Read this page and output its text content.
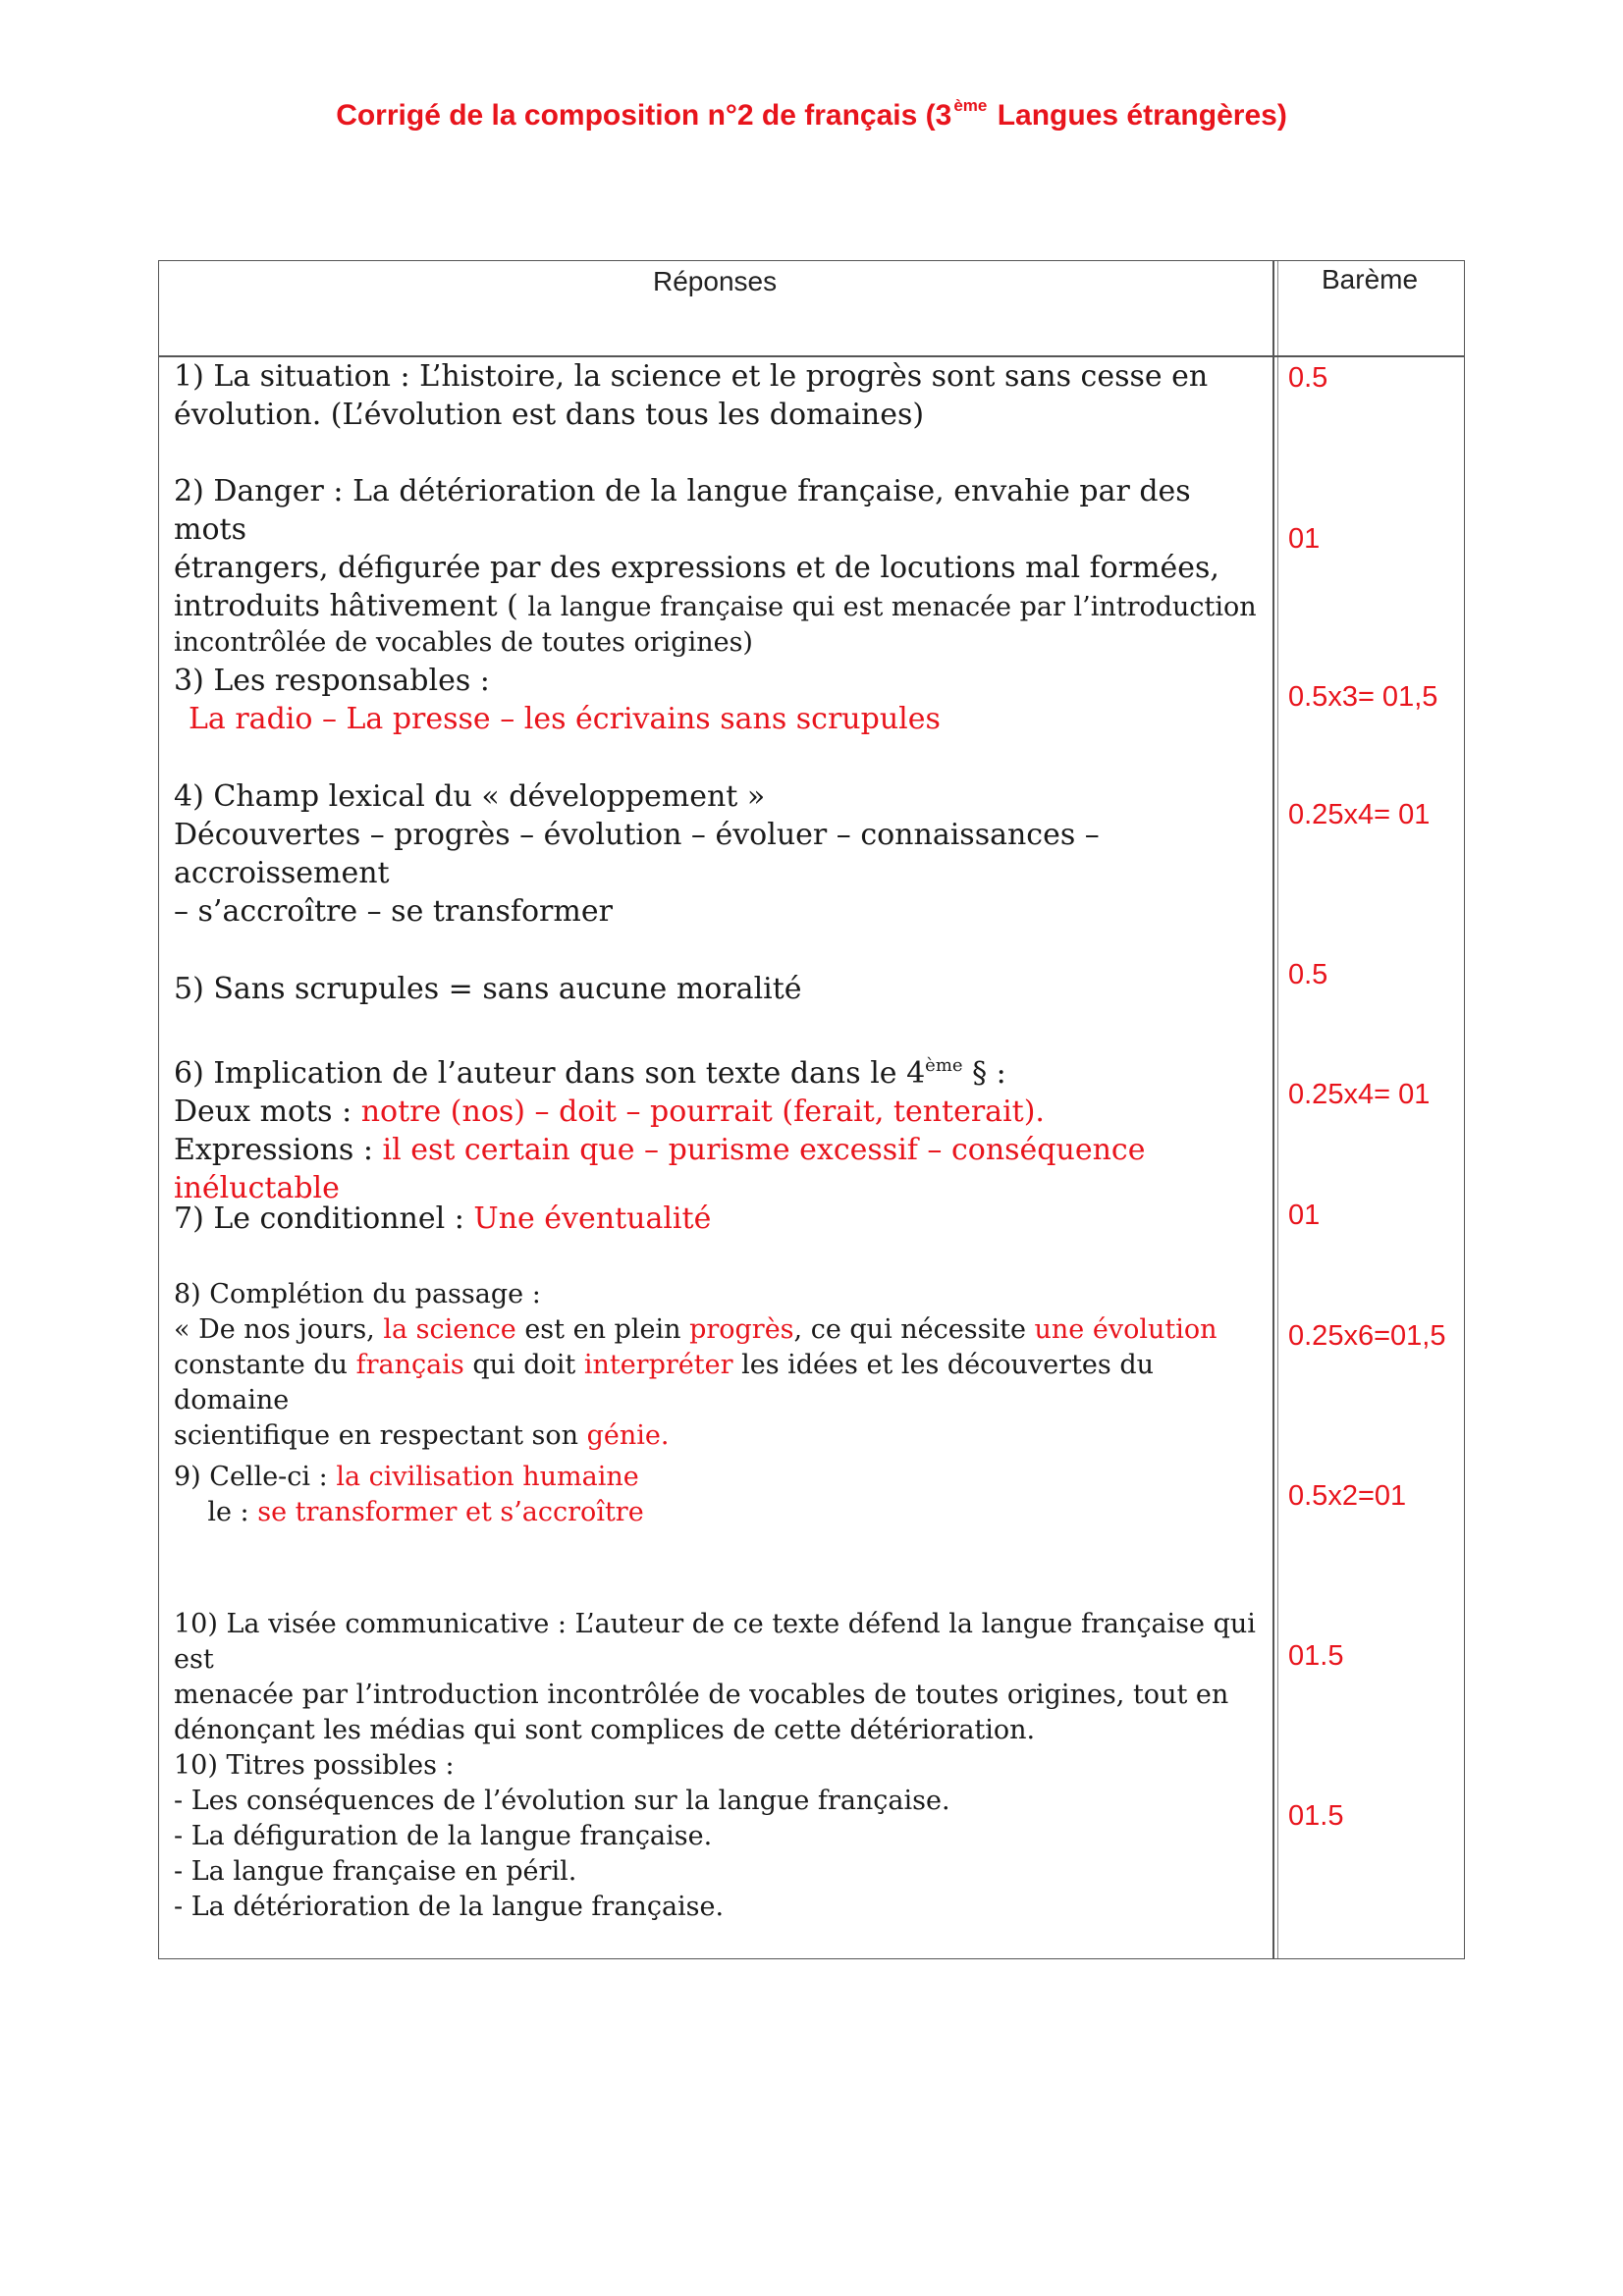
Corrigé de la composition n°2 de français (3 $^{ème}$ Langues étrangères)
Réponses	Barème
1) La situation : L’histoire, la science et le progrès sont sans cesse en
évolution. (L’évolution est dans tous les domaines)
0.5
2) Danger : La détérioration de la langue française, envahie par des mots
étrangers, défigurée par des expressions et de locutions mal formées,
introduits hâtivement ( la langue française qui est menacée par l’introduction
incontrôlée de vocables de toutes origines)
01
3) Les responsables :
La radio – La presse – les écrivains sans scrupules
0.5x3= 01,5
4) Champ lexical du « développement »
Découvertes – progrès – évolution – évoluer – connaissances – accroissement
– s’accroître – se transformer
0.25x4= 01
5) Sans scrupules = sans aucune moralité	0.5
6) Implication de l’auteur dans son texte dans le 4ème § :
Deux mots : notre (nos) – doit – pourrait (ferait, tenterait).
Expressions : il est certain que – purisme excessif – conséquence inéluctable
0.25x4= 01
7) Le conditionnel : Une éventualité	01
8) Complétion du passage :
« De nos jours, la science est en plein progrès, ce qui nécessite une évolution
constante du français qui doit interpréter les idées et les découvertes du domaine
scientifique en respectant son génie.
0.25x6=01,5
9) Celle-ci : la civilisation humaine
le : se transformer et s’accroître
0.5x2=01
10) La visée communicative : L’auteur de ce texte défend la langue française qui est
menacée par l’introduction incontrôlée de vocables de toutes origines, tout en
dénonçant les médias qui sont complices de cette détérioration.
01.5
10) Titres possibles :
- Les conséquences de l’évolution sur la langue française.
- La défiguration de la langue française.
- La langue française en péril.
- La détérioration de la langue française.
01.5
